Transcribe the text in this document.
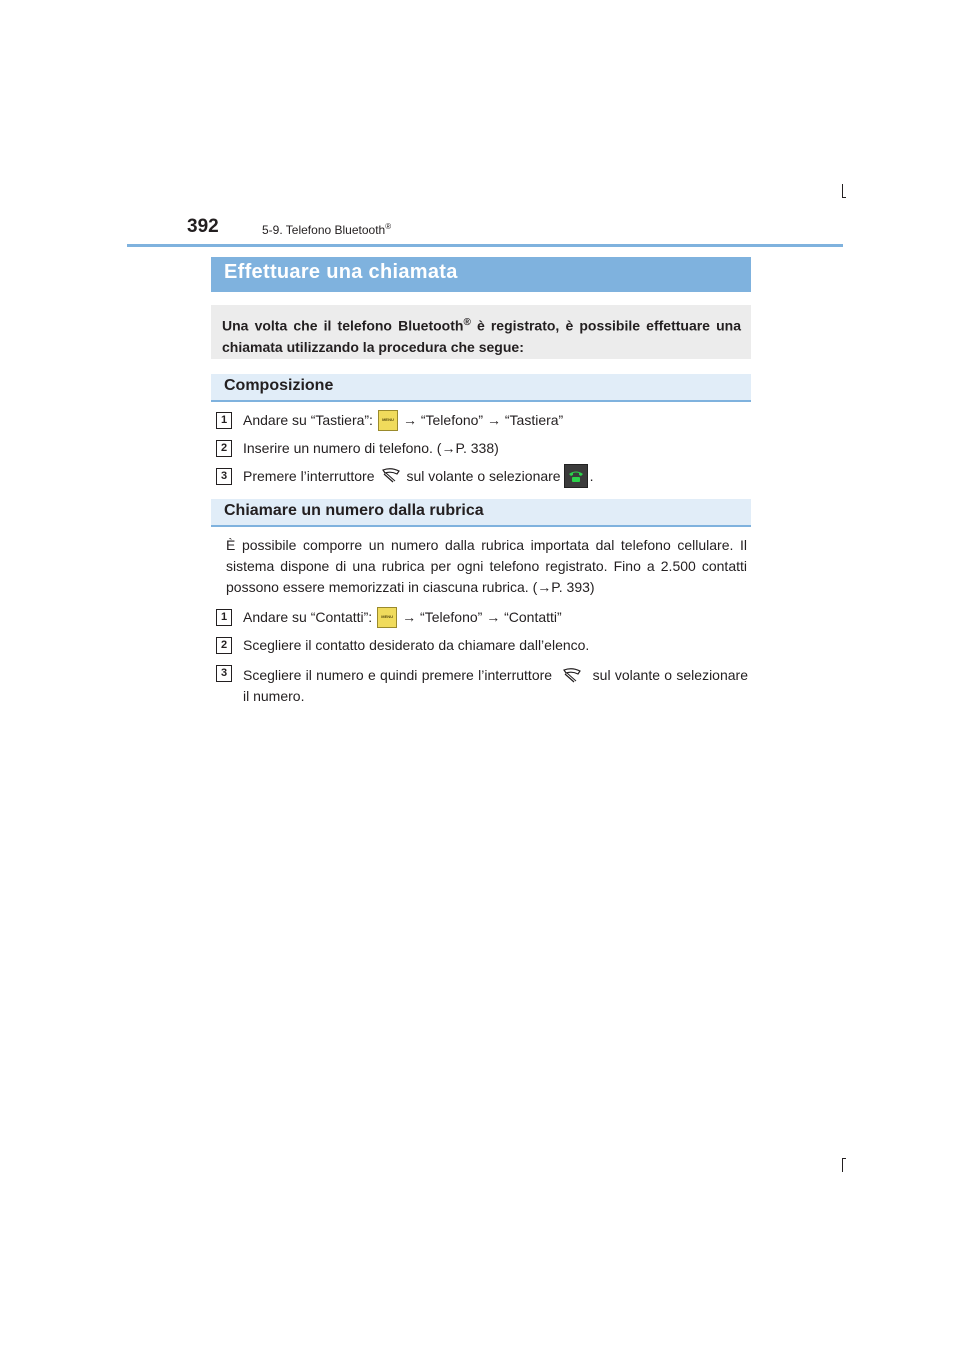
392	5-9. Telefono Bluetooth®
Effettuare una chiamata
Una volta che il telefono Bluetooth® è registrato, è possibile effettuare una chiamata utilizzando la procedura che segue:
Composizione
1	Andare su “Tastiera”:	MENU → “Telefono” → “Tastiera”
2	Inserire un numero di telefono. (→P. 338)
3	Premere l’interruttore sul volante o selezionare .
Chiamare un numero dalla rubrica
È possibile comporre un numero dalla rubrica importata dal telefono cellulare. Il sistema dispone di una rubrica per ogni telefono registrato. Fino a 2.500 contatti possono essere memorizzati in ciascuna rubrica. (→P. 393)
1	Andare su “Contatti”:	MENU → “Telefono” → “Contatti”
2	Scegliere il contatto desiderato da chiamare dall’elenco.
3	Scegliere il numero e quindi premere l’interruttore  sul volante o selezionare il numero.
